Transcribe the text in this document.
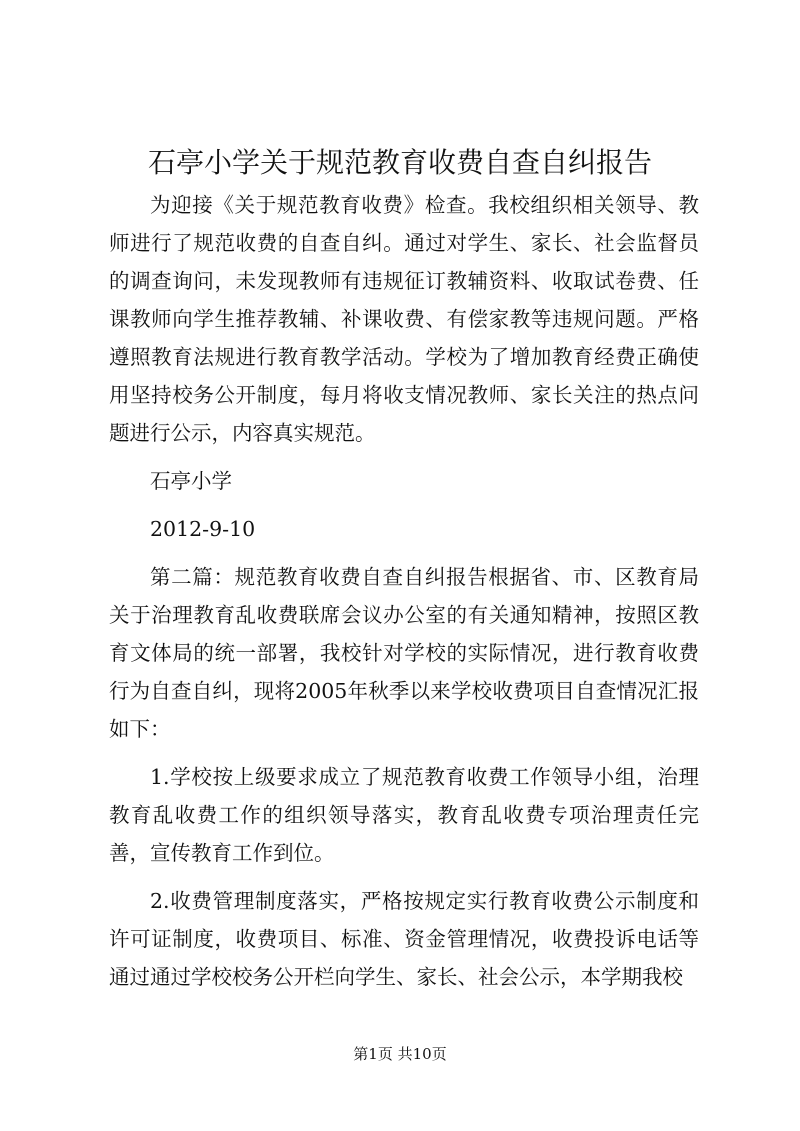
石亭小学关于规范教育收费自查自纠报告

为迎接《关于规范教育收费》检查。我校组织相关领导、教师进行了规范收费的自查自纠。通过对学生、家长、社会监督员的调查询问，未发现教师有违规征订教辅资料、收取试卷费、任课教师向学生推荐教辅、补课收费、有偿家教等违规问题。严格遵照教育法规进行教育教学活动。学校为了增加教育经费正确使用坚持校务公开制度，每月将收支情况教师、家长关注的热点问题进行公示，内容真实规范。

石亭小学

2012-9-10

第二篇：规范教育收费自查自纠报告根据省、市、区教育局关于治理教育乱收费联席会议办公室的有关通知精神，按照区教育文体局的统一部署，我校针对学校的实际情况，进行教育收费行为自查自纠，现将2005年秋季以来学校收费项目自查情况汇报如下：

1.学校按上级要求成立了规范教育收费工作领导小组，治理教育乱收费工作的组织领导落实，教育乱收费专项治理责任完善，宣传教育工作到位。

2.收费管理制度落实，严格按规定实行教育收费公示制度和许可证制度，收费项目、标准、资金管理情况，收费投诉电话等通过通过学校校务公开栏向学生、家长、社会公示，本学期我校

第1页 共10页
